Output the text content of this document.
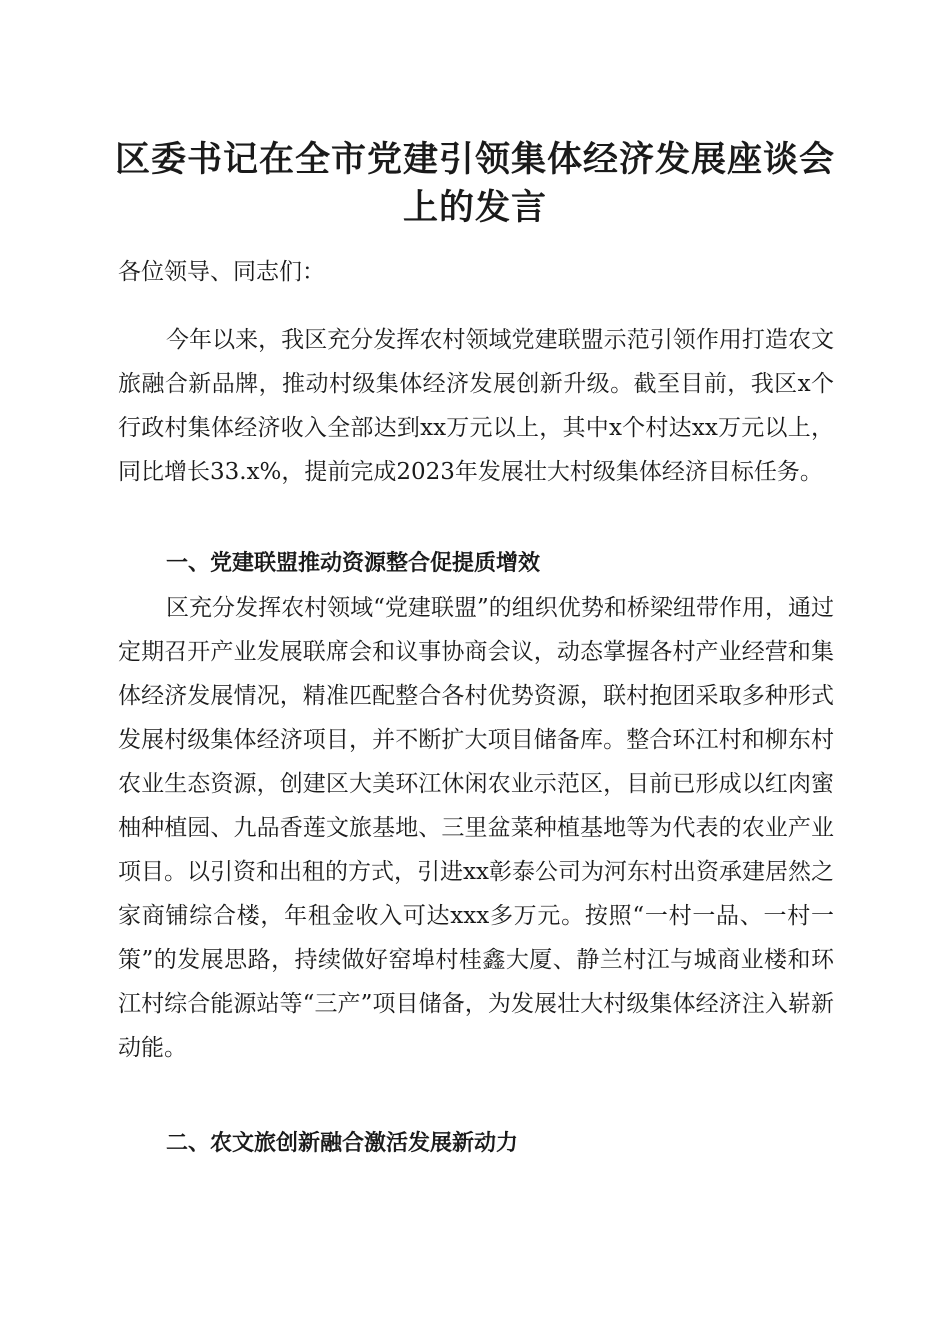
区委书记在全市党建引领集体经济发展座谈会
上的发言

各位领导、同志们：

今年以来，我区充分发挥农村领域党建联盟示范引领作用打造农文旅融合新品牌，推动村级集体经济发展创新升级。截至目前，我区x个行政村集体经济收入全部达到xx万元以上，其中x个村达xx万元以上，同比增长33.x%，提前完成2023年发展壮大村级集体经济目标任务。

一、党建联盟推动资源整合促提质增效

区充分发挥农村领域“党建联盟”的组织优势和桥梁纽带作用，通过定期召开产业发展联席会和议事协商会议，动态掌握各村产业经营和集体经济发展情况，精准匹配整合各村优势资源，联村抱团采取多种形式发展村级集体经济项目，并不断扩大项目储备库。整合环江村和柳东村农业生态资源，创建区大美环江休闲农业示范区，目前已形成以红肉蜜柚种植园、九品香莲文旅基地、三里盆菜种植基地等为代表的农业产业项目。以引资和出租的方式，引进xx彰泰公司为河东村出资承建居然之家商铺综合楼，年租金收入可达xxx多万元。按照“一村一品、一村一策”的发展思路，持续做好窑埠村桂鑫大厦、静兰村江与城商业楼和环江村综合能源站等“三产”项目储备，为发展壮大村级集体经济注入崭新动能。

二、农文旅创新融合激活发展新动力
